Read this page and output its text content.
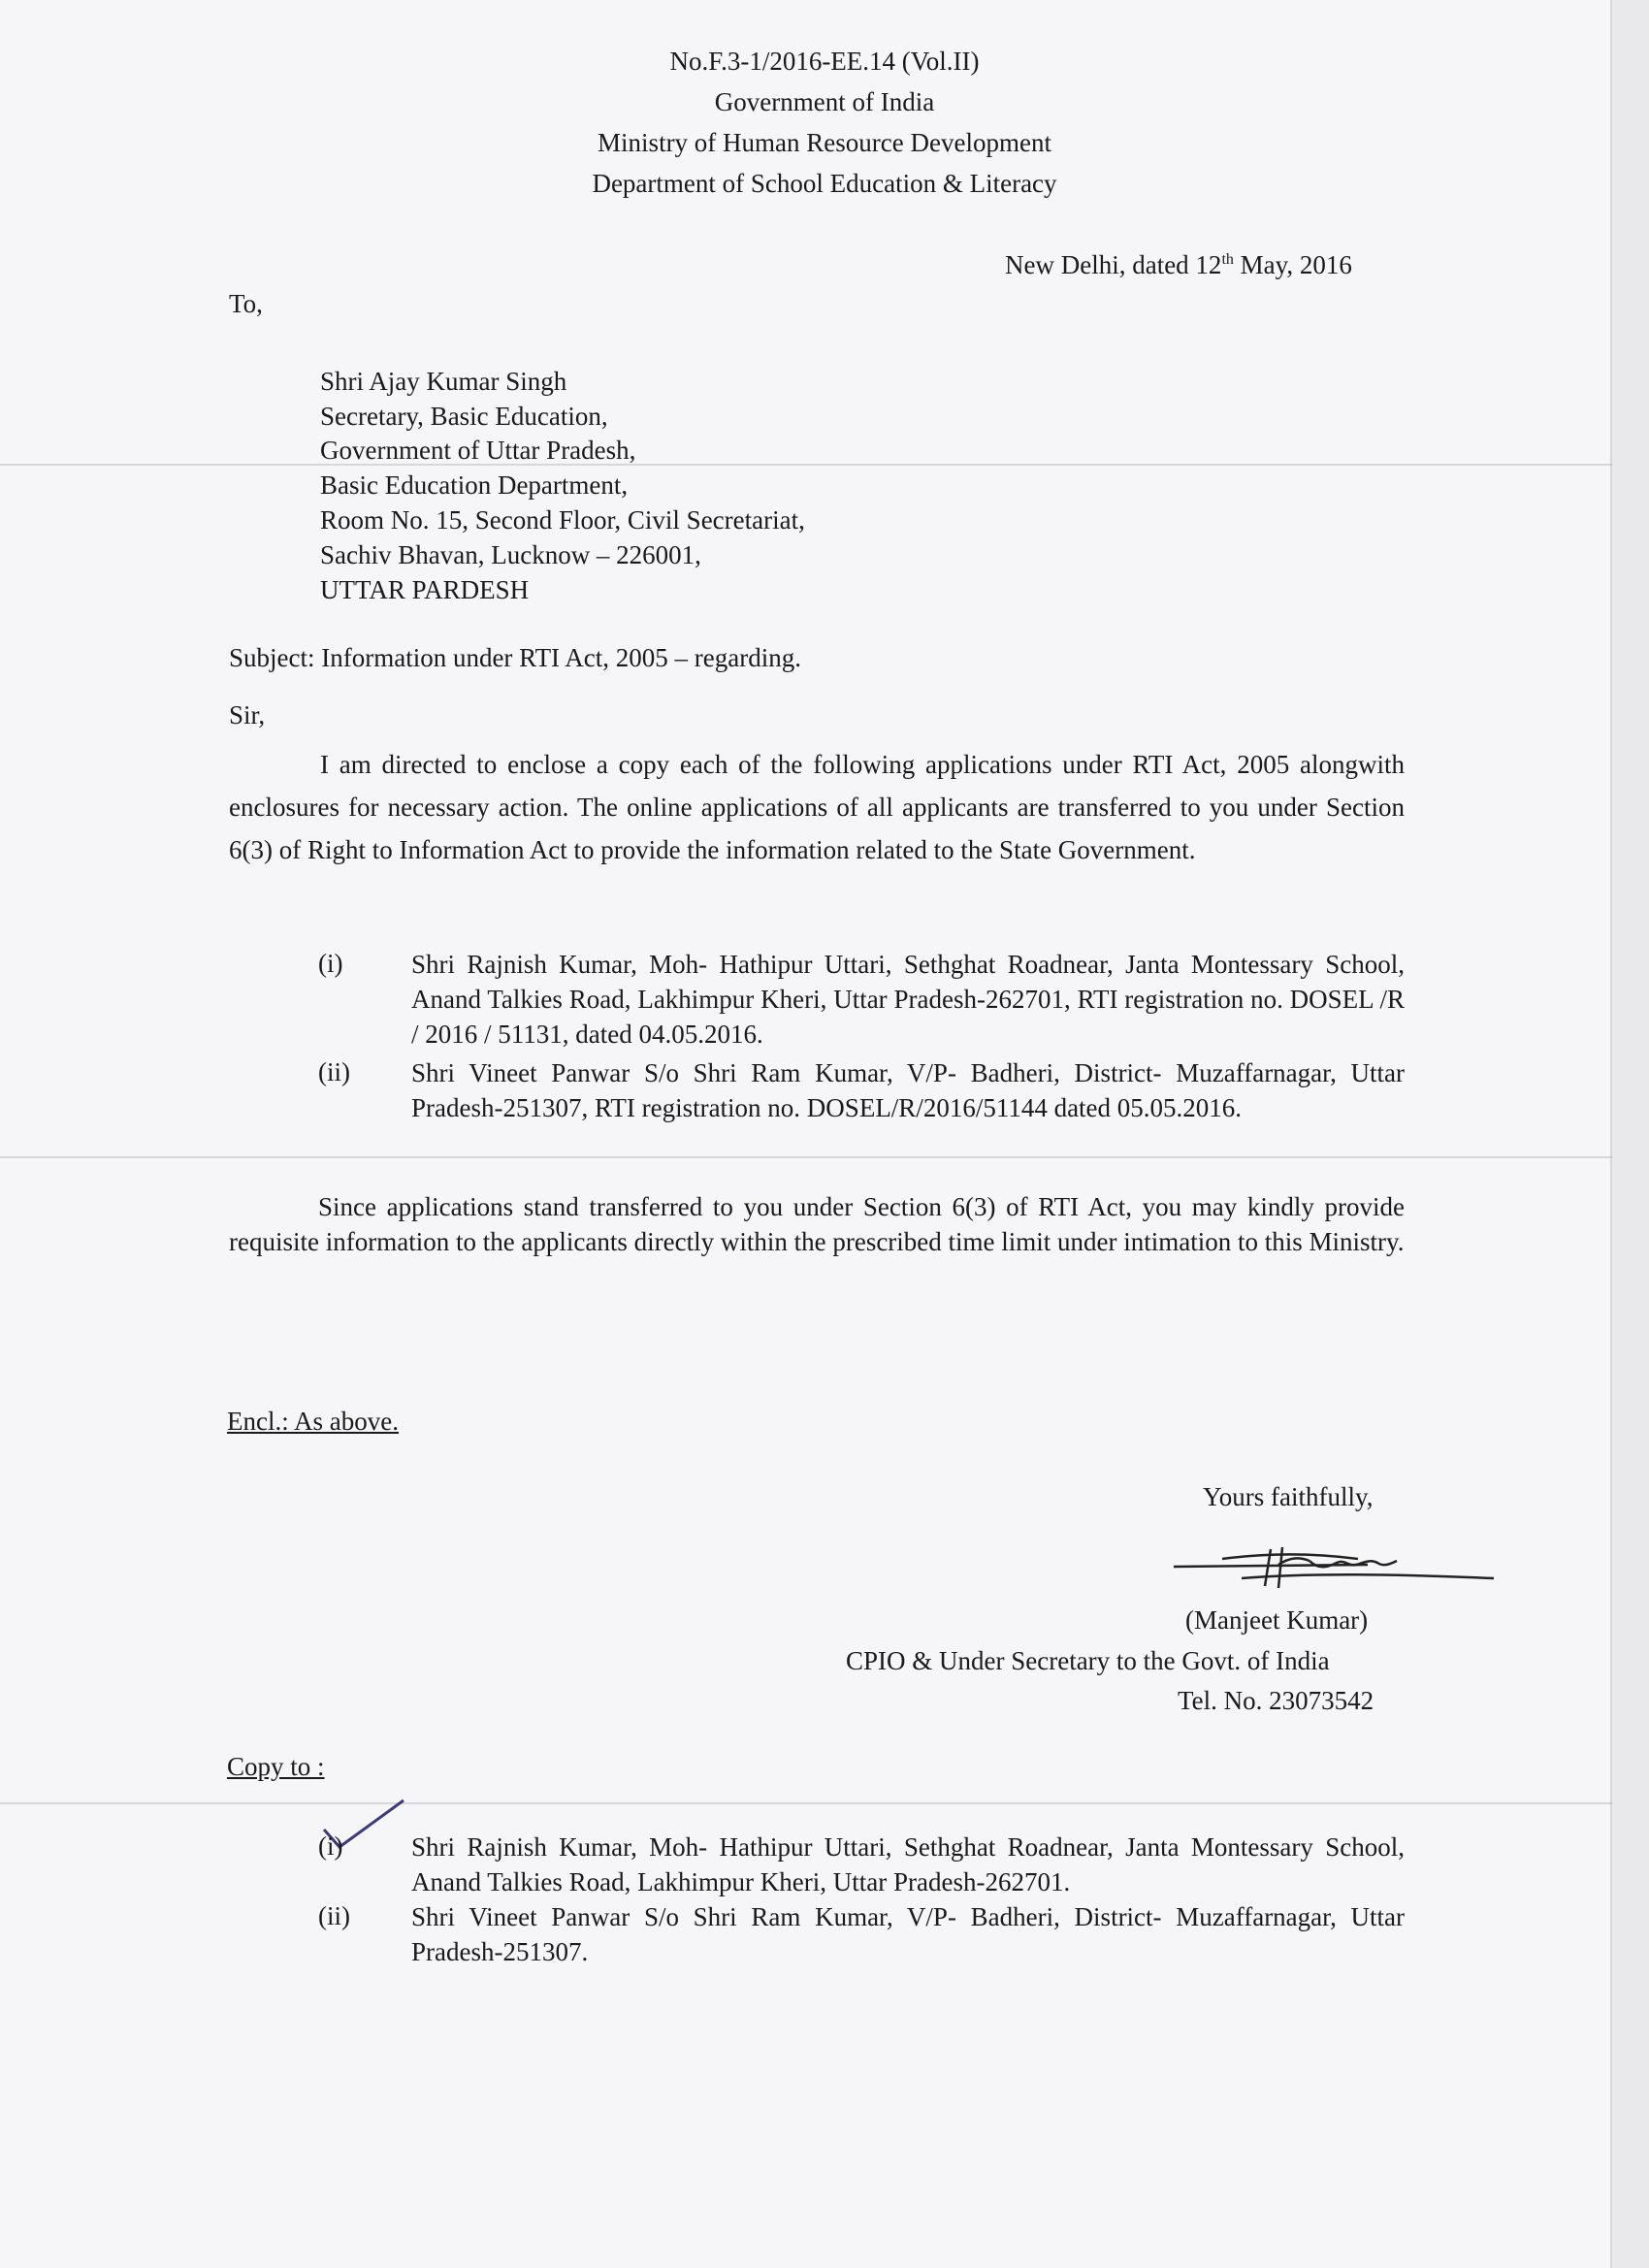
No.F.3-1/2016-EE.14 (Vol.II)
Government of India
Ministry of Human Resource Development
Department of School Education & Literacy
New Delhi, dated 12th May, 2016
To,
Shri Ajay Kumar Singh
Secretary, Basic Education,
Government of Uttar Pradesh,
Basic Education Department,
Room No. 15, Second Floor, Civil Secretariat,
Sachiv Bhavan, Lucknow – 226001,
UTTAR PARDESH
Subject: Information under RTI Act, 2005 – regarding.
Sir,
I am directed to enclose a copy each of the following applications under RTI Act, 2005 alongwith enclosures for necessary action. The online applications of all applicants are transferred to you under Section 6(3) of Right to Information Act to provide the information related to the State Government.
(i)	Shri Rajnish Kumar, Moh- Hathipur Uttari, Sethghat Roadnear, Janta Montessary School, Anand Talkies Road, Lakhimpur Kheri, Uttar Pradesh-262701, RTI registration no. DOSEL /R / 2016 / 51131, dated 04.05.2016.
(ii) Shri Vineet Panwar S/o Shri Ram Kumar, V/P- Badheri, District- Muzaffarnagar, Uttar Pradesh-251307, RTI registration no. DOSEL/R/2016/51144 dated 05.05.2016.
Since applications stand transferred to you under Section 6(3) of RTI Act, you may kindly provide requisite information to the applicants directly within the prescribed time limit under intimation to this Ministry.
Encl.: As above.
Yours faithfully,
(Manjeet Kumar)
CPIO & Under Secretary to the Govt. of India
Tel. No. 23073542
Copy to :
(i)	Shri Rajnish Kumar, Moh- Hathipur Uttari, Sethghat Roadnear, Janta Montessary School, Anand Talkies Road, Lakhimpur Kheri, Uttar Pradesh-262701.
(ii) Shri Vineet Panwar S/o Shri Ram Kumar, V/P- Badheri, District- Muzaffarnagar, Uttar Pradesh-251307.
